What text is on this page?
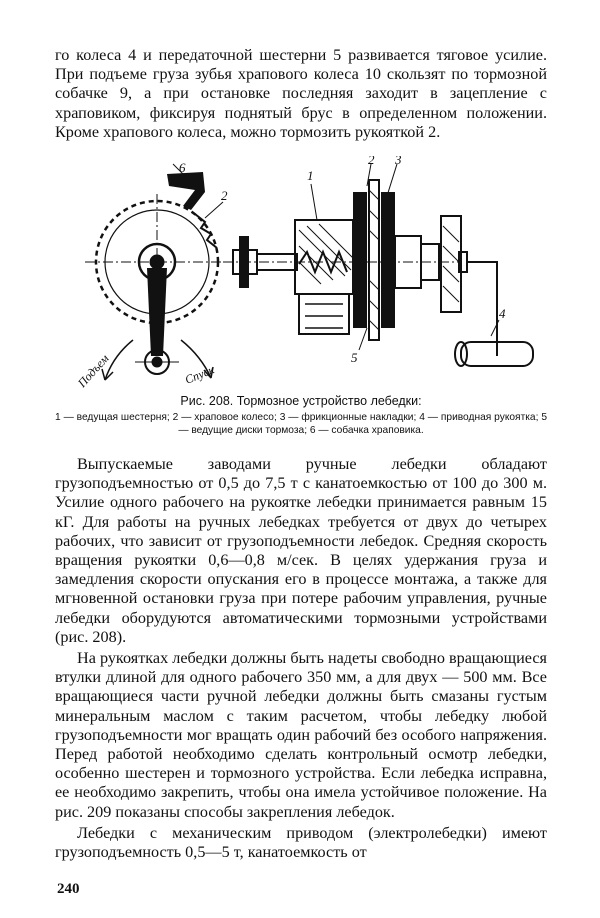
го колеса 4 и передаточной шестерни 5 развивается тяговое усилие. При подъеме груза зубья храпового колеса 10 скользят по тормозной собачке 9, а при остановке последняя заходит в зацепление с храповиком, фиксируя поднятый брус в определенном положении. Кроме храпового колеса, можно тормозить рукояткой 2.

6
2
1
2 3
5
4
Подъем	Спуск
Рис. 208. Тормозное устройство лебедки:
1 — ведущая шестерня; 2 — храповое колесо; 3 — фрикционные накладки; 4 — приводная рукоятка; 5 — ведущие диски тормоза; 6 — собачка храповика.

Выпускаемые заводами ручные лебедки обладают грузоподъемностью от 0,5 до 7,5 т с канатоемкостью от 100 до 300 м. Усилие одного рабочего на рукоятке лебедки принимается равным 15 кГ. Для работы на ручных лебедках требуется от двух до четырех рабочих, что зависит от грузоподъемности лебедок. Средняя скорость вращения рукоятки 0,6—0,8 м/сек. В целях удержания груза и замедления скорости опускания его в процессе монтажа, а также для мгновенной остановки груза при потере рабочим управления, ручные лебедки оборудуются автоматическими тормозными устройствами (рис. 208).

На рукоятках лебедки должны быть надеты свободно вращающиеся втулки длиной для одного рабочего 350 мм, а для двух — 500 мм. Все вращающиеся части ручной лебедки должны быть смазаны густым минеральным маслом с таким расчетом, чтобы лебедку любой грузоподъемности мог вращать один рабочий без особого напряжения. Перед работой необходимо сделать контрольный осмотр лебедки, особенно шестерен и тормозного устройства. Если лебедка исправна, ее необходимо закрепить, чтобы она имела устойчивое положение. На рис. 209 показаны способы закрепления лебедок.

Лебедки с механическим приводом (электролебедки) имеют грузоподъемность 0,5—5 т, канатоемкость от

240
